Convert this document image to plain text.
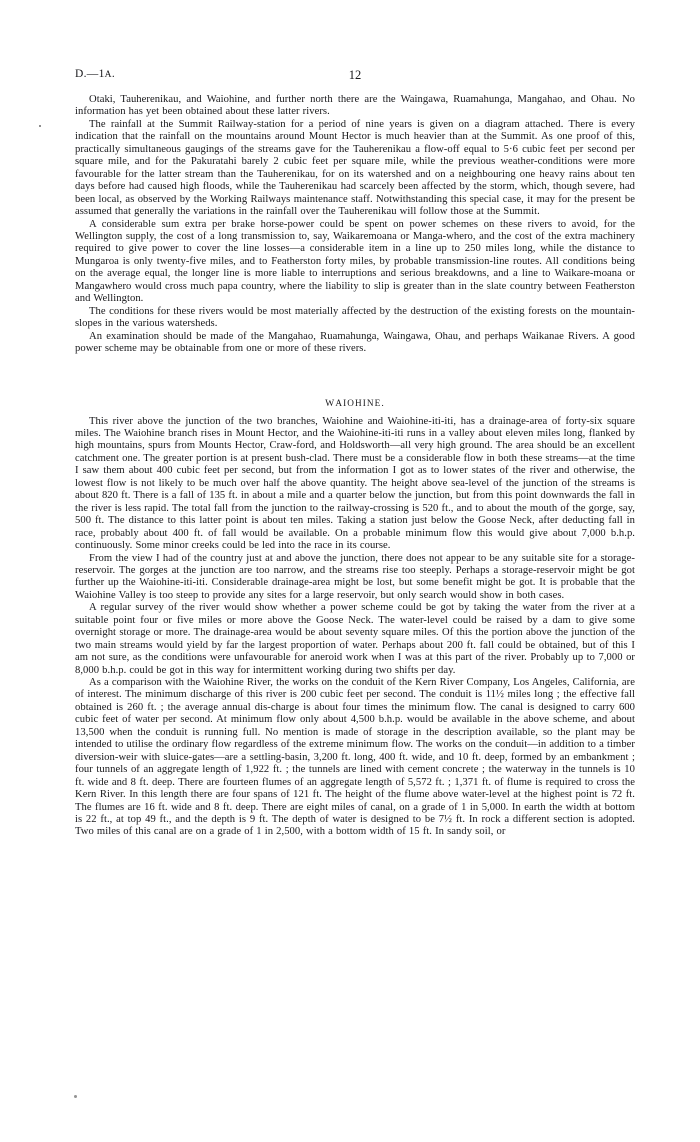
D.—1A.	12

Otaki, Tauherenikau, and Waiohine, and further north there are the Waingawa, Ruamahunga, Mangahao, and Ohau. No information has yet been obtained about these latter rivers.

The rainfall at the Summit Railway-station for a period of nine years is given on a diagram attached. There is every indication that the rainfall on the mountains around Mount Hector is much heavier than at the Summit. As one proof of this, practically simultaneous gaugings of the streams gave for the Tauherenikau a flow-off equal to 5·6 cubic feet per second per square mile, and for the Pakuratahi barely 2 cubic feet per square mile, while the previous weather-conditions were more favourable for the latter stream than the Tauherenikau, for on its watershed and on a neighbouring one heavy rains about ten days before had caused high floods, while the Tauherenikau had scarcely been affected by the storm, which, though severe, had been local, as observed by the Working Railways maintenance staff. Notwithstanding this special case, it may for the present be assumed that generally the variations in the rainfall over the Tauherenikau will follow those at the Summit.

A considerable sum extra per brake horse-power could be spent on power schemes on these rivers to avoid, for the Wellington supply, the cost of a long transmission to, say, Waikaremoana or Manga-whero, and the cost of the extra machinery required to give power to cover the line losses—a considerable item in a line up to 250 miles long, while the distance to Mungaroa is only twenty-five miles, and to Featherston forty miles, by probable transmission-line routes. All conditions being on the average equal, the longer line is more liable to interruptions and serious breakdowns, and a line to Waikare-moana or Mangawhero would cross much papa country, where the liability to slip is greater than in the slate country between Featherston and Wellington.

The conditions for these rivers would be most materially affected by the destruction of the existing forests on the mountain-slopes in the various watersheds.

An examination should be made of the Mangahao, Ruamahunga, Waingawa, Ohau, and perhaps Waikanae Rivers. A good power scheme may be obtainable from one or more of these rivers.

WAIOHINE.

This river above the junction of the two branches, Waiohine and Waiohine-iti-iti, has a drainage-area of forty-six square miles. The Waiohine branch rises in Mount Hector, and the Waiohine-iti-iti runs in a valley about eleven miles long, flanked by high mountains, spurs from Mounts Hector, Craw-ford, and Holdsworth—all very high ground. The area should be an excellent catchment one. The greater portion is at present bush-clad. There must be a considerable flow in both these streams—at the time I saw them about 400 cubic feet per second, but from the information I got as to lower states of the river and otherwise, the lowest flow is not likely to be much over half the above quantity. The height above sea-level of the junction of the streams is about 820 ft. There is a fall of 135 ft. in about a mile and a quarter below the junction, but from this point downwards the fall in the river is less rapid. The total fall from the junction to the railway-crossing is 520 ft., and to about the mouth of the gorge, say, 500 ft. The distance to this latter point is about ten miles. Taking a station just below the Goose Neck, after deducting fall in race, probably about 400 ft. of fall would be available. On a probable minimum flow this would give about 7,000 b.h.p. continuously. Some minor creeks could be led into the race in its course.

From the view I had of the country just at and above the junction, there does not appear to be any suitable site for a storage-reservoir. The gorges at the junction are too narrow, and the streams rise too steeply. Perhaps a storage-reservoir might be got further up the Waiohine-iti-iti. Considerable drainage-area might be lost, but some benefit might be got. It is probable that the Waiohine Valley is too steep to provide any sites for a large reservoir, but only search would show in both cases.

A regular survey of the river would show whether a power scheme could be got by taking the water from the river at a suitable point four or five miles or more above the Goose Neck. The water-level could be raised by a dam to give some overnight storage or more. The drainage-area would be about seventy square miles. Of this the portion above the junction of the two main streams would yield by far the largest proportion of water. Perhaps about 200 ft. fall could be obtained, but of this I am not sure, as the conditions were unfavourable for aneroid work when I was at this part of the river. Probably up to 7,000 or 8,000 b.h.p. could be got in this way for intermittent working during two shifts per day.

As a comparison with the Waiohine River, the works on the conduit of the Kern River Company, Los Angeles, California, are of interest. The minimum discharge of this river is 200 cubic feet per second. The conduit is 11½ miles long ; the effective fall obtained is 260 ft. ; the average annual dis-charge is about four times the minimum flow. The canal is designed to carry 600 cubic feet of water per second. At minimum flow only about 4,500 b.h.p. would be available in the above scheme, and about 13,500 when the conduit is running full. No mention is made of storage in the description available, so the plant may be intended to utilise the ordinary flow regardless of the extreme minimum flow. The works on the conduit—in addition to a timber diversion-weir with sluice-gates—are a settling-basin, 3,200 ft. long, 400 ft. wide, and 10 ft. deep, formed by an embankment ; four tunnels of an aggregate length of 1,922 ft. ; the tunnels are lined with cement concrete ; the waterway in the tunnels is 10 ft. wide and 8 ft. deep. There are fourteen flumes of an aggregate length of 5,572 ft. ; 1,371 ft. of flume is required to cross the Kern River. In this length there are four spans of 121 ft. The height of the flume above water-level at the highest point is 72 ft. The flumes are 16 ft. wide and 8 ft. deep. There are eight miles of canal, on a grade of 1 in 5,000. In earth the width at bottom is 22 ft., at top 49 ft., and the depth is 9 ft. The depth of water is designed to be 7½ ft. In rock a different section is adopted. Two miles of this canal are on a grade of 1 in 2,500, with a bottom width of 15 ft. In sandy soil, or
